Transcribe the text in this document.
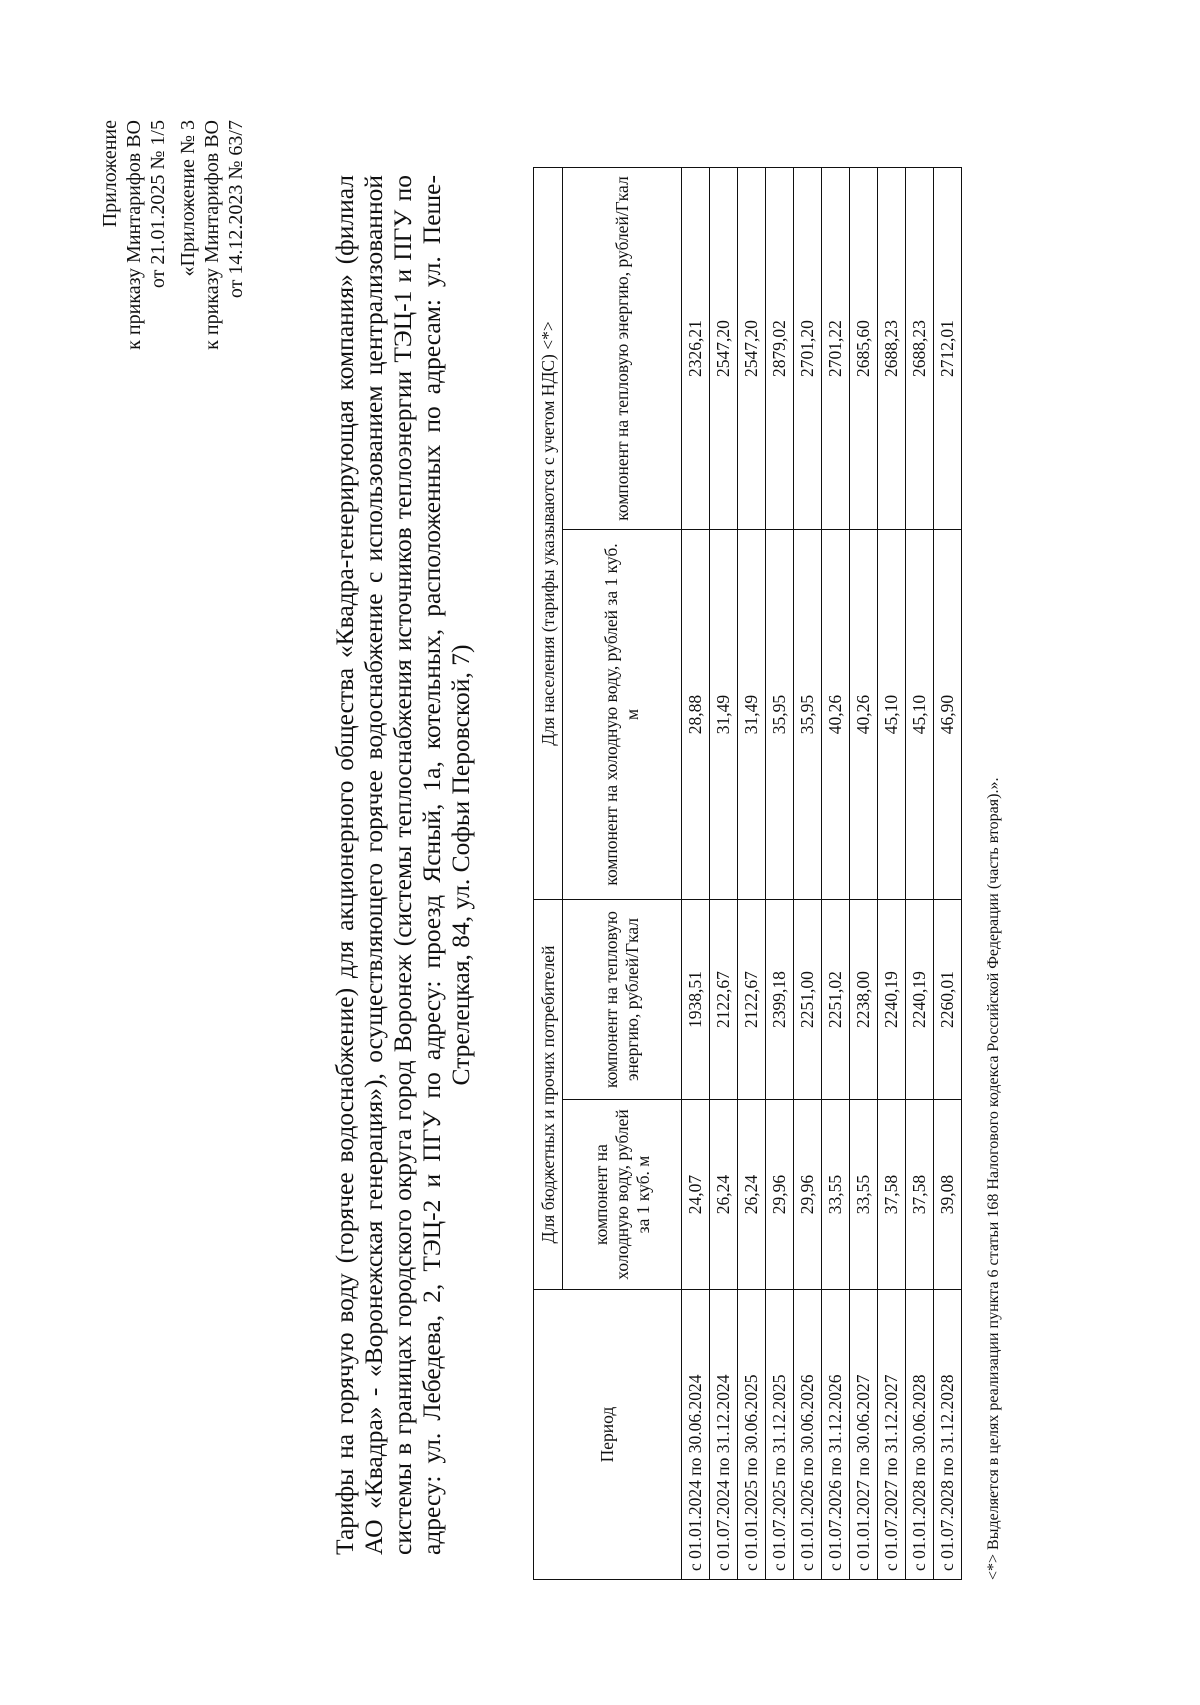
Приложение к приказу Минтарифов ВО от 21.01.2025 № 1/5 «Приложение № 3 к приказу Минтарифов ВО от 14.12.2023 № 63/7	Тарифы на горячую воду (горячее водоснабжение) для акционерного общества «Квадра-генерирующая компания» (филиал АО «Квадра» - «Воронежская генерация»), осуществляющего горячее водоснабжение с использованием централизованной системы в границах городского округа город Воронеж (системы теплоснабжения источников теплоэнергии ТЭЦ-1 и ПГУ по адресу: ул. Лебедева, 2, ТЭЦ-2 и ПГУ по адресу: проезд Ясный, 1а, котельных, расположенных по адресам: ул. Пеше-Стрелецкая, 84, ул. Софьи Перовской, 7)
Период	Для бюджетных и прочих потребителей		Для населения (тарифы указываются с учетом НДС) <*>	
	компонент на холодную воду, рублей за 1 куб. м	компонент на тепловую энергию, рублей/Гкал	компонент на холодную воду, рублей за 1 куб. м	компонент на тепловую энергию, рублей/Гкал
с 01.01.2024 по 30.06.2024	24,07	1938,51	28,88	2326,21
с 01.07.2024 по 31.12.2024	26,24	2122,67	31,49	2547,20
с 01.01.2025 по 30.06.2025	26,24	2122,67	31,49	2547,20
с 01.07.2025 по 31.12.2025	29,96	2399,18	35,95	2879,02
с 01.01.2026 по 30.06.2026	29,96	2251,00	35,95	2701,20
с 01.07.2026 по 31.12.2026	33,55	2251,02	40,26	2701,22
с 01.01.2027 по 30.06.2027	33,55	2238,00	40,26	2685,60
с 01.07.2027 по 31.12.2027	37,58	2240,19	45,10	2688,23
с 01.01.2028 по 30.06.2028	37,58	2240,19	45,10	2688,23
с 01.07.2028 по 31.12.2028	39,08	2260,01	46,90	2712,01
<*> Выделяется в целях реализации пункта 6 статьи 168 Налогового кодекса Российской Федерации (часть вторая).».
